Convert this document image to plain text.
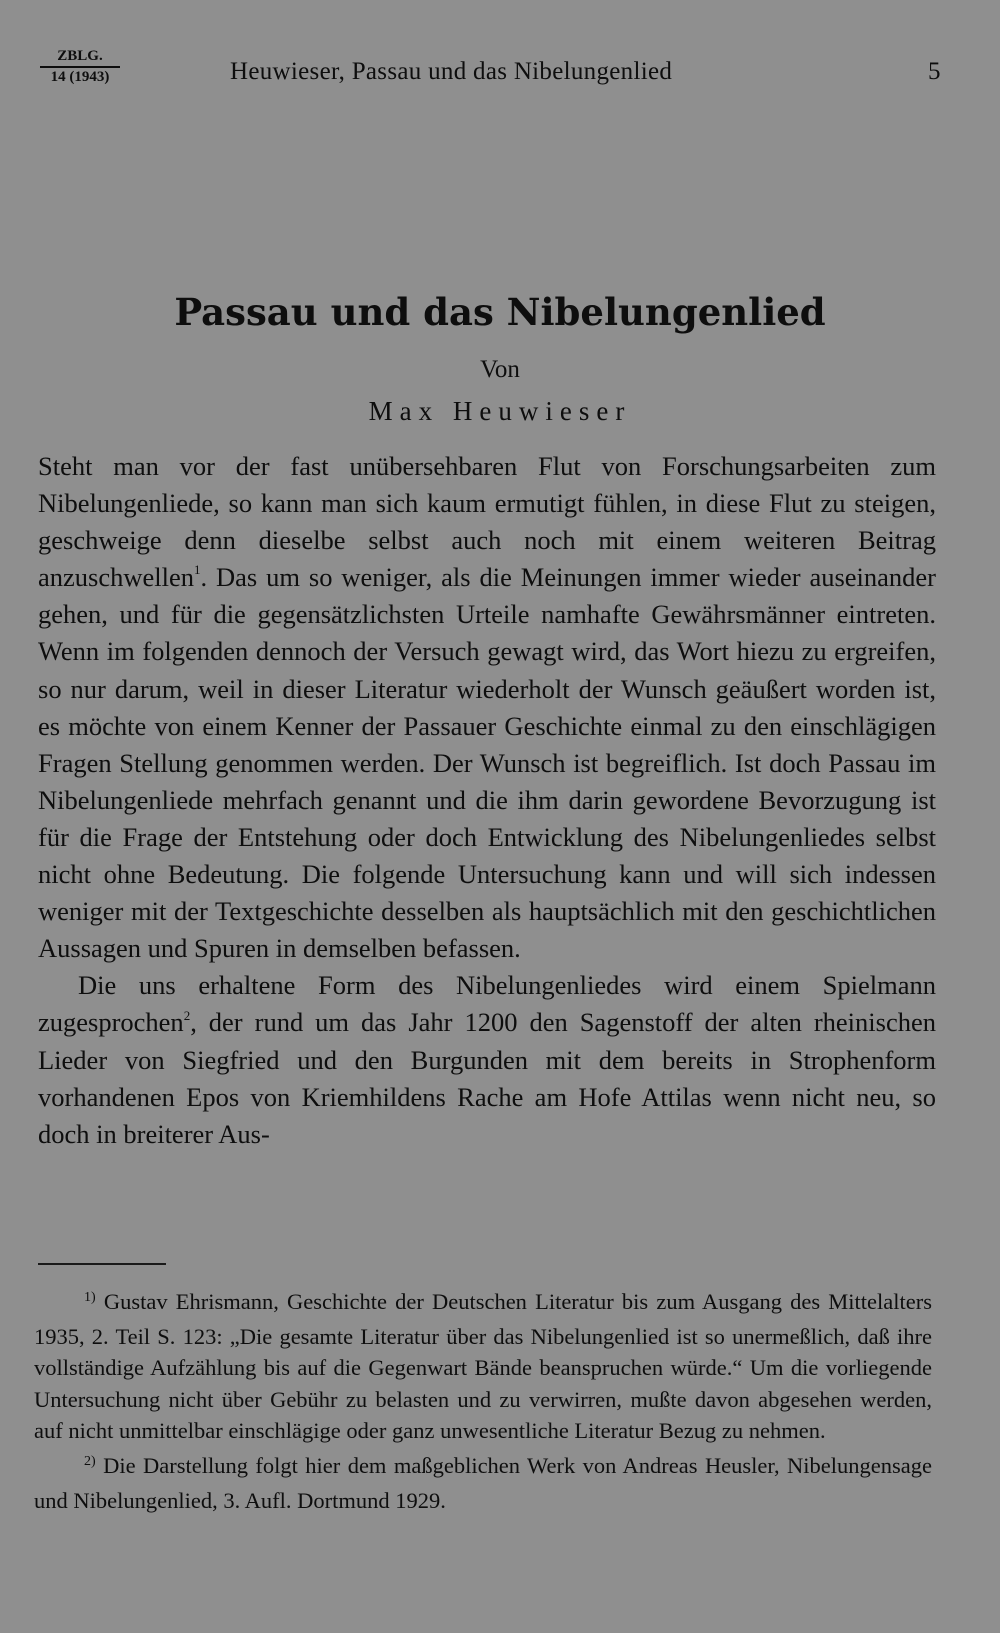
ZBLG.
14 (1943)	Heuwieser, Passau und das Nibelungenlied	5
Passau und das Nibelungenlied
Von
Max Heuwieser

Steht man vor der fast unübersehbaren Flut von Forschungsarbeiten zum Nibelungenliede, so kann man sich kaum ermutigt fühlen, in diese Flut zu steigen, geschweige denn dieselbe selbst auch noch mit einem weiteren Beitrag anzuschwellen$^1$. Das um so weniger, als die Meinungen immer wieder auseinander gehen, und für die gegensätzlichsten Urteile namhafte Gewährsmänner eintreten. Wenn im folgenden dennoch der Versuch gewagt wird, das Wort hiezu zu ergreifen, so nur darum, weil in dieser Literatur wiederholt der Wunsch geäußert worden ist, es möchte von einem Kenner der Passauer Geschichte einmal zu den einschlägigen Fragen Stellung genommen werden. Der Wunsch ist begreiflich. Ist doch Passau im Nibelungenliede mehrfach genannt und die ihm darin gewordene Bevorzugung ist für die Frage der Entstehung oder doch Entwicklung des Nibelungenliedes selbst nicht ohne Bedeutung. Die folgende Untersuchung kann und will sich indessen weniger mit der Textgeschichte desselben als hauptsächlich mit den geschichtlichen Aussagen und Spuren in demselben befassen.

Die uns erhaltene Form des Nibelungenliedes wird einem Spielmann zugesprochen$^2$, der rund um das Jahr 1200 den Sagenstoff der alten rheinischen Lieder von Siegfried und den Burgunden mit dem bereits in Strophenform vorhandenen Epos von Kriemhildens Rache am Hofe Attilas wenn nicht neu, so doch in breiterer Aus-

$^{1)}$ Gustav Ehrismann, Geschichte der Deutschen Literatur bis zum Ausgang des Mittelalters 1935, 2. Teil S. 123: „Die gesamte Literatur über das Nibelungenlied ist so unermeßlich, daß ihre vollständige Aufzählung bis auf die Gegenwart Bände beanspruchen würde.“ Um die vorliegende Untersuchung nicht über Gebühr zu belasten und zu verwirren, mußte davon abgesehen werden, auf nicht unmittelbar einschlägige oder ganz unwesentliche Literatur Bezug zu nehmen.

$^{2)}$ Die Darstellung folgt hier dem maßgeblichen Werk von Andreas Heusler, Nibelungensage und Nibelungenlied, 3. Aufl. Dortmund 1929.
